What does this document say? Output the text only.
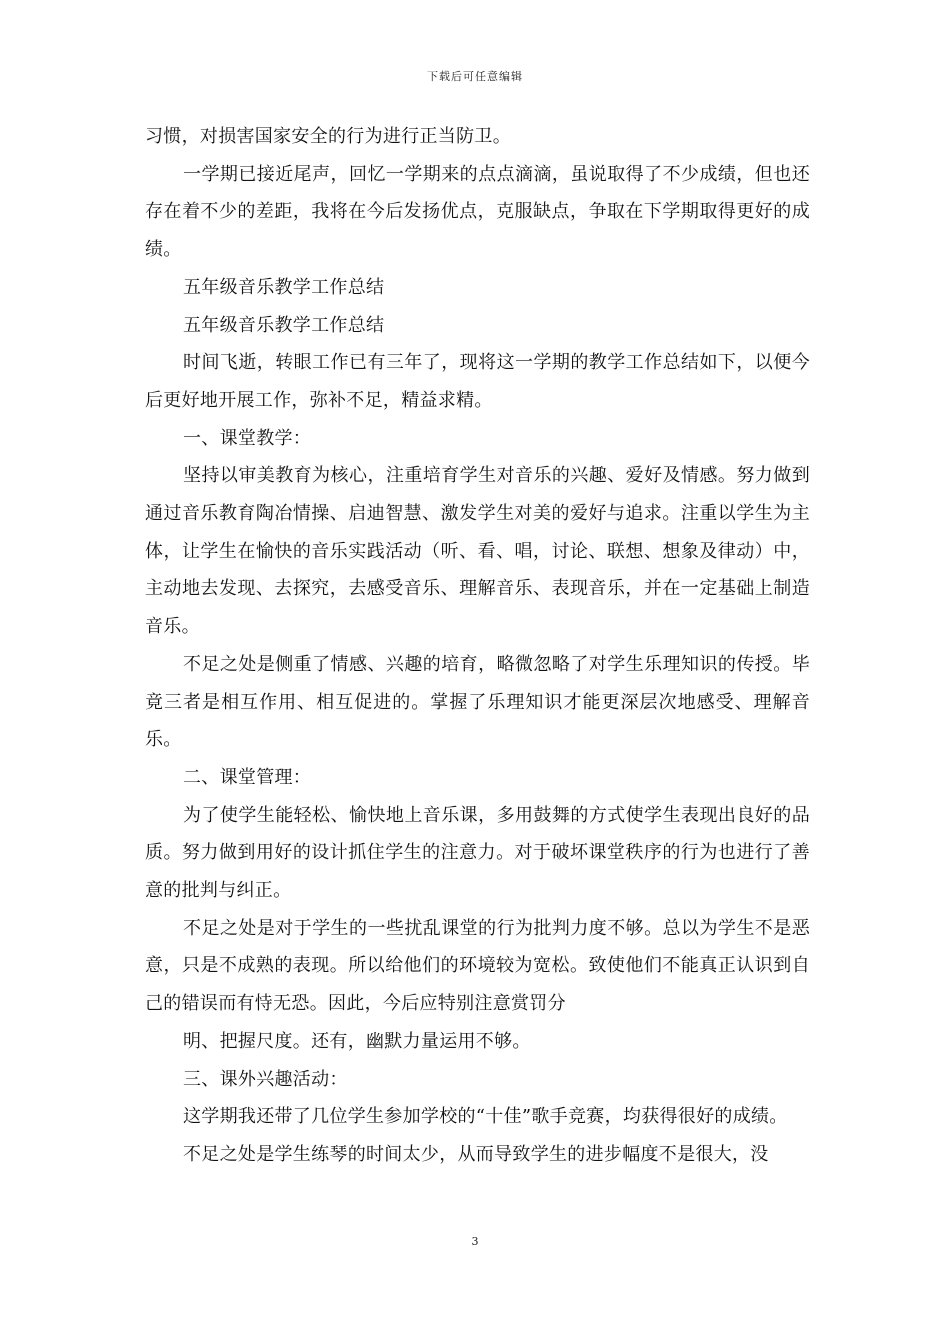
下载后可任意编辑

习惯，对损害国家安全的行为进行正当防卫。

一学期已接近尾声，回忆一学期来的点点滴滴，虽说取得了不少成绩，但也还存在着不少的差距，我将在今后发扬优点，克服缺点，争取在下学期取得更好的成绩。

五年级音乐教学工作总结

五年级音乐教学工作总结

时间飞逝，转眼工作已有三年了，现将这一学期的教学工作总结如下，以便今后更好地开展工作，弥补不足，精益求精。

一、课堂教学：

坚持以审美教育为核心，注重培育学生对音乐的兴趣、爱好及情感。努力做到通过音乐教育陶冶情操、启迪智慧、激发学生对美的爱好与追求。注重以学生为主体，让学生在愉快的音乐实践活动（听、看、唱，讨论、联想、想象及律动）中，主动地去发现、去探究，去感受音乐、理解音乐、表现音乐，并在一定基础上制造音乐。

不足之处是侧重了情感、兴趣的培育，略微忽略了对学生乐理知识的传授。毕竟三者是相互作用、相互促进的。掌握了乐理知识才能更深层次地感受、理解音乐。

二、课堂管理：

为了使学生能轻松、愉快地上音乐课，多用鼓舞的方式使学生表现出良好的品质。努力做到用好的设计抓住学生的注意力。对于破坏课堂秩序的行为也进行了善意的批判与纠正。

不足之处是对于学生的一些扰乱课堂的行为批判力度不够。总以为学生不是恶意，只是不成熟的表现。所以给他们的环境较为宽松。致使他们不能真正认识到自己的错误而有恃无恐。因此，今后应特别注意赏罚分

明、把握尺度。还有，幽默力量运用不够。

三、课外兴趣活动：

这学期我还带了几位学生参加学校的“十佳”歌手竞赛，均获得很好的成绩。

不足之处是学生练琴的时间太少，从而导致学生的进步幅度不是很大，没

3
